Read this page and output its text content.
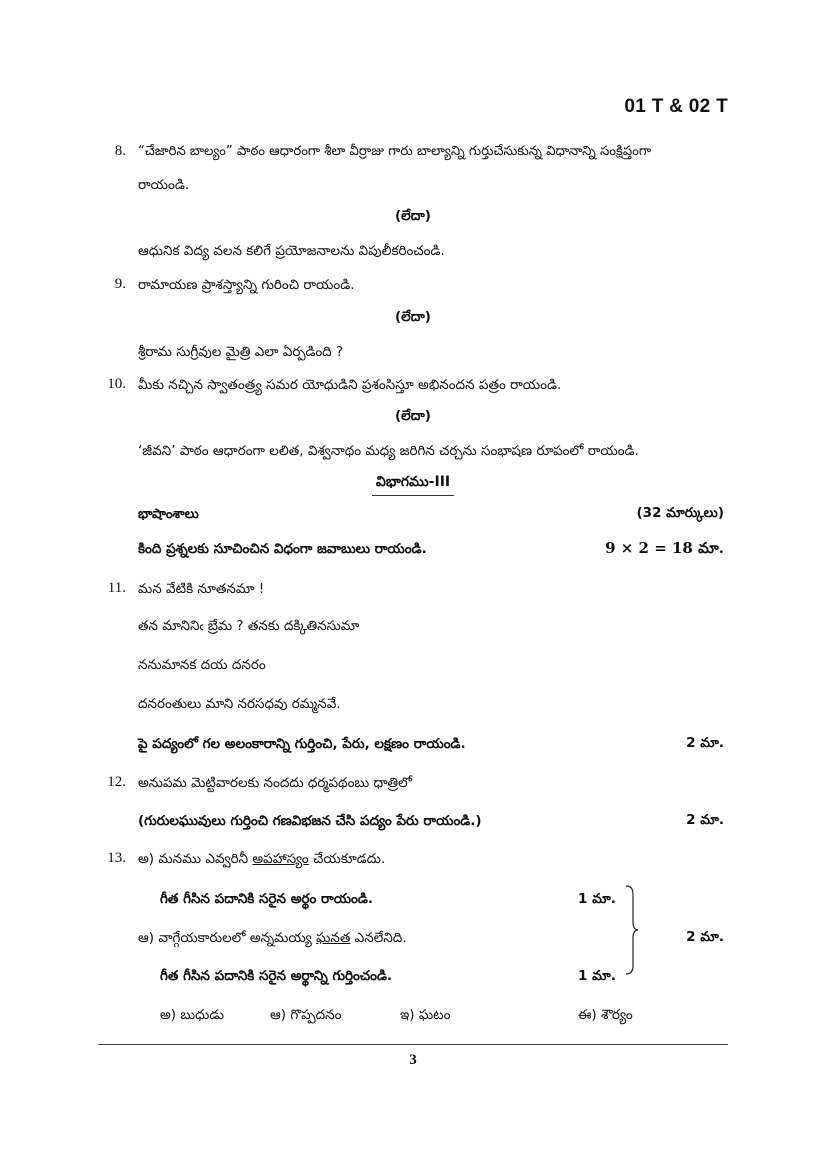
01 T & 02 T
8. “చేజారిన బాల్యం” పాఠం ఆధారంగా శీలా వీర్రాజు గారు బాల్యాన్ని గుర్తుచేసుకున్న విధానాన్ని సంక్షిప్తంగా
రాయండి.
(లేదా)
ఆధునిక విద్య వలన కలిగే ప్రయోజనాలను విపులీకరించండి.
9. రామాయణ ప్రాశస్త్యాన్ని గురించి రాయండి.
(లేదా)
శ్రీరామ సుగ్రీవుల మైత్రి ఎలా ఏర్పడింది ?
10. మీకు నచ్చిన స్వాతంత్ర్య సమర యోధుడిని ప్రశంసిస్తూ అభినందన పత్రం రాయండి.
(లేదా)
‘జీవని’ పాఠం ఆధారంగా లలిత, విశ్వనాథం మధ్య జరిగిన చర్చను సంభాషణ రూపంలో రాయండి.
విభాగము-III
భాషాంశాలు	(32 మార్కులు)
కింది ప్రశ్నలకు సూచించిన విధంగా జవాబులు రాయండి.	9 × 2 = 18 మా.
11. మన వేటికి నూతనమా !
తన మానినిఁ బ్రేమ ? తనకు దక్కితినసుమా
ననుమానక దయ దనరం
దనరంతులు మాని నరసధవు రమ్మనవే.
పై పద్యంలో గల అలంకారాన్ని గుర్తించి, పేరు, లక్షణం రాయండి.	2 మా.
12. అనుపమ మెట్టివారలకు నందదు ధర్మపథంబు ధాత్రిలో
(గురులఘువులు గుర్తించి గణవిభజన చేసి పద్యం పేరు రాయండి.)	2 మా.
13. అ) మనము ఎవ్వరినీ అపహాస్యం చేయకూడదు.
గీత గీసిన పదానికి సరైన అర్థం రాయండి.	1 మా.
ఆ) వాగ్గేయకారులలో అన్నమయ్య ఘనత ఎనలేనిది.	2 మా.
గీత గీసిన పదానికి సరైన అర్థాన్ని గుర్తించండి.	1 మా.
అ) బుధుడు	ఆ) గొప్పదనం	ఇ) ఘటం	ఈ) శౌర్యం
3
